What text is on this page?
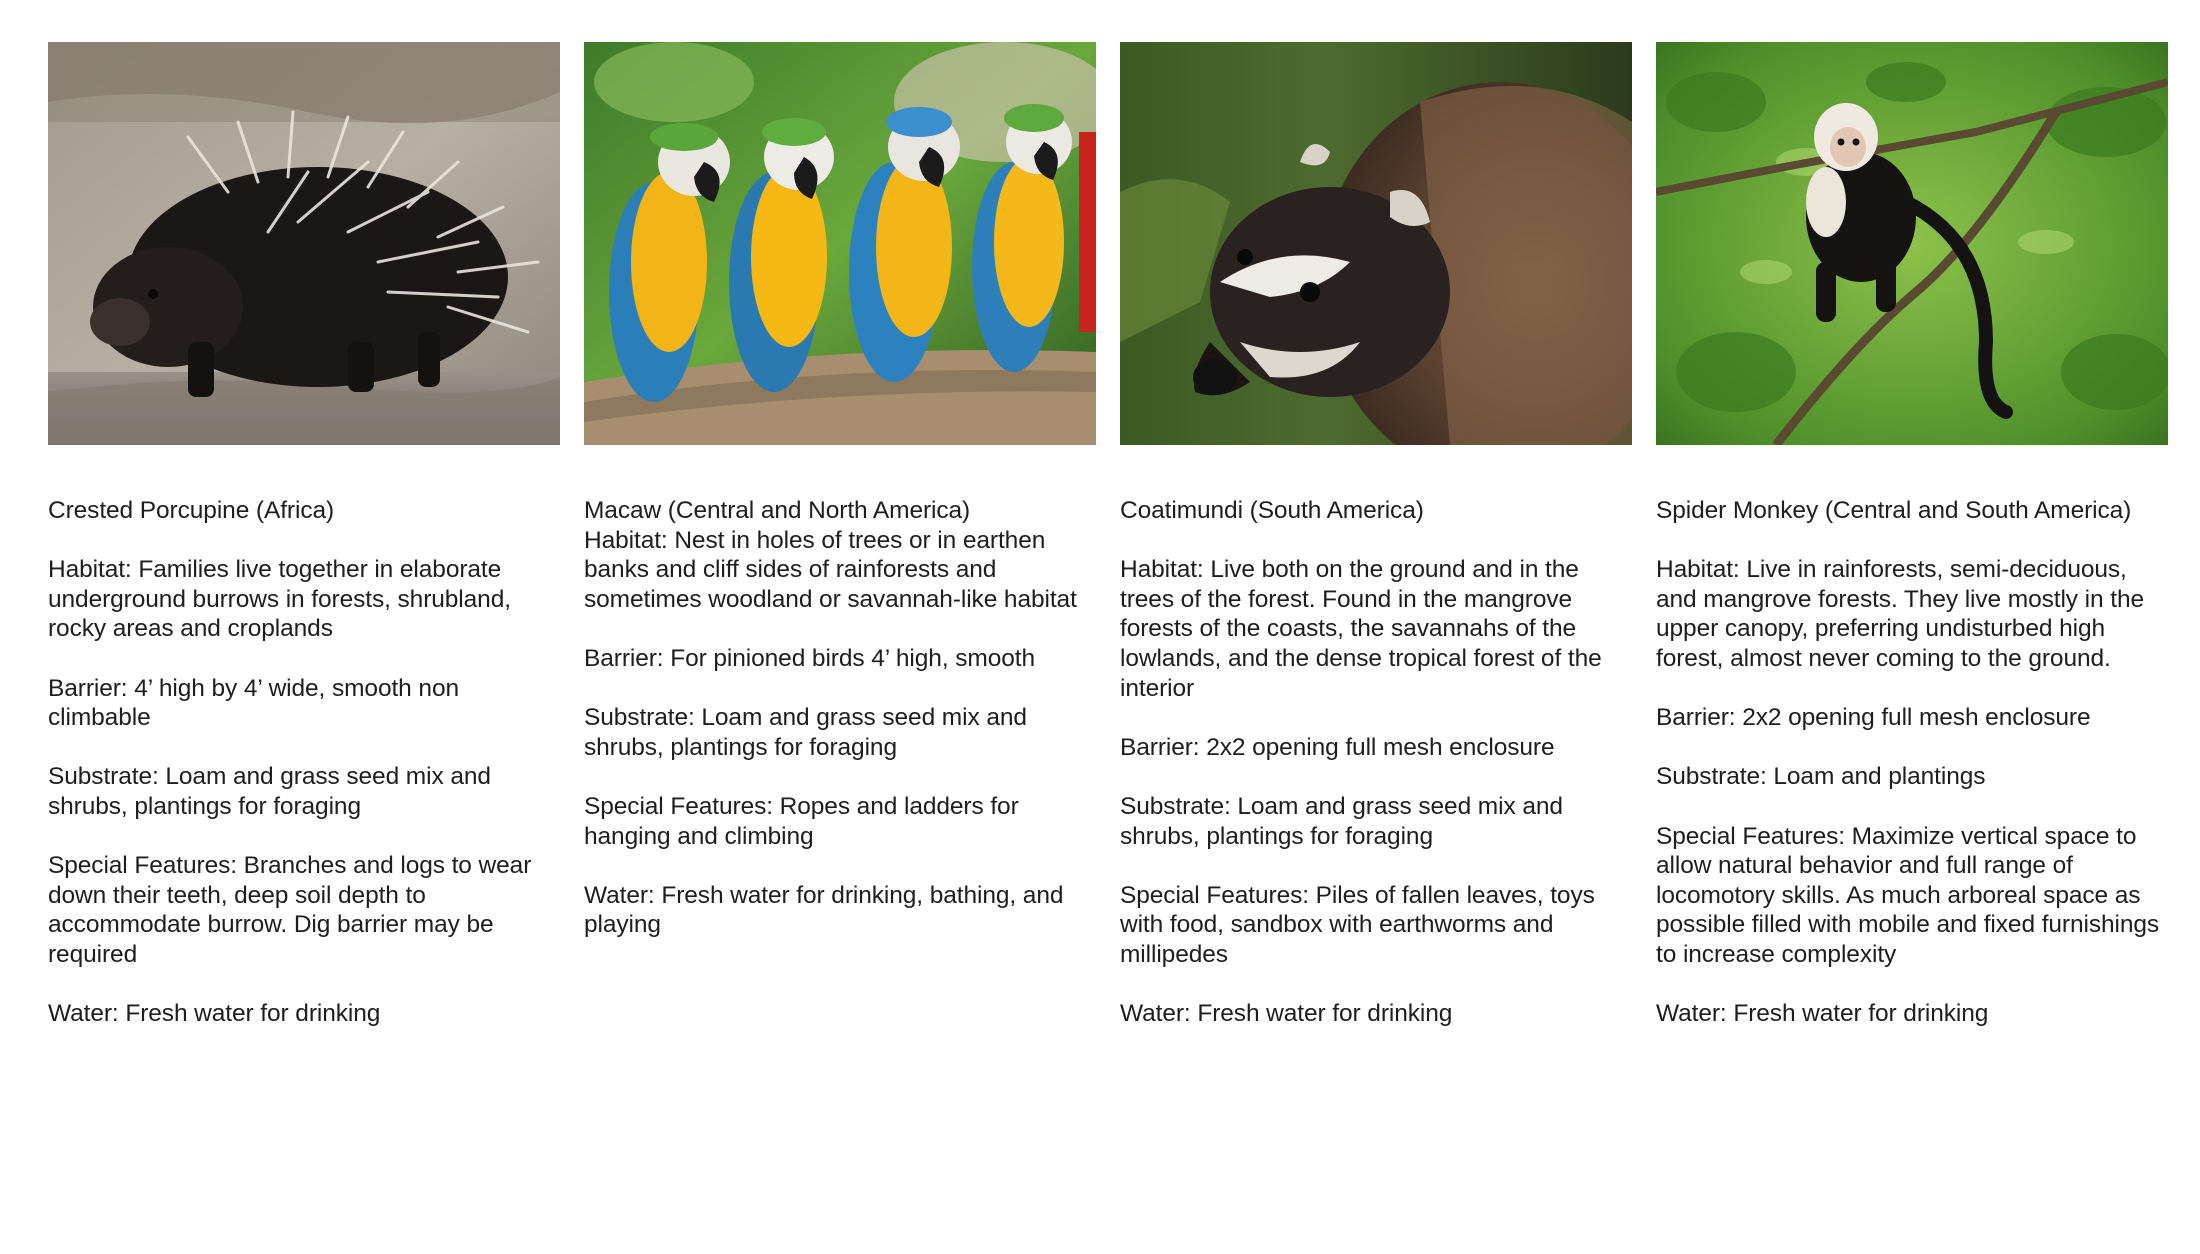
Crested Porcupine (Africa)

Habitat: Families live together in elaborate underground burrows in forests, shrubland, rocky areas and croplands

Barrier: 4’ high by 4’ wide, smooth non climbable

Substrate: Loam and grass seed mix and shrubs, plantings for foraging

Special Features: Branches and logs to wear down their teeth, deep soil depth to accommodate burrow. Dig barrier may be required

Water: Fresh water for drinking

Macaw (Central and North America)

Habitat: Nest in holes of trees or in earthen banks and cliff sides of rainforests and sometimes woodland or savannah-like habitat

Barrier: For pinioned birds 4’ high, smooth

Substrate: Loam and grass seed mix and shrubs, plantings for foraging

Special Features: Ropes and ladders for hanging and climbing

Water: Fresh water for drinking, bathing, and playing

Coatimundi (South America)

Habitat: Live both on the ground and in the trees of the forest. Found in the mangrove forests of the coasts, the savannahs of the lowlands, and the dense tropical forest of the interior

Barrier: 2x2 opening full mesh enclosure

Substrate: Loam and grass seed mix and shrubs, plantings for foraging

Special Features: Piles of fallen leaves, toys with food, sandbox with earthworms and millipedes

Water: Fresh water for drinking

Spider Monkey (Central and South America)

Habitat: Live in rainforests, semi-deciduous, and mangrove forests. They live mostly in the upper canopy, preferring undisturbed high forest, almost never coming to the ground.

Barrier: 2x2 opening full mesh enclosure

Substrate: Loam and plantings

Special Features: Maximize vertical space to allow natural behavior and full range of locomotory skills. As much arboreal space as possible filled with mobile and fixed furnishings to increase complexity

Water: Fresh water for drinking
